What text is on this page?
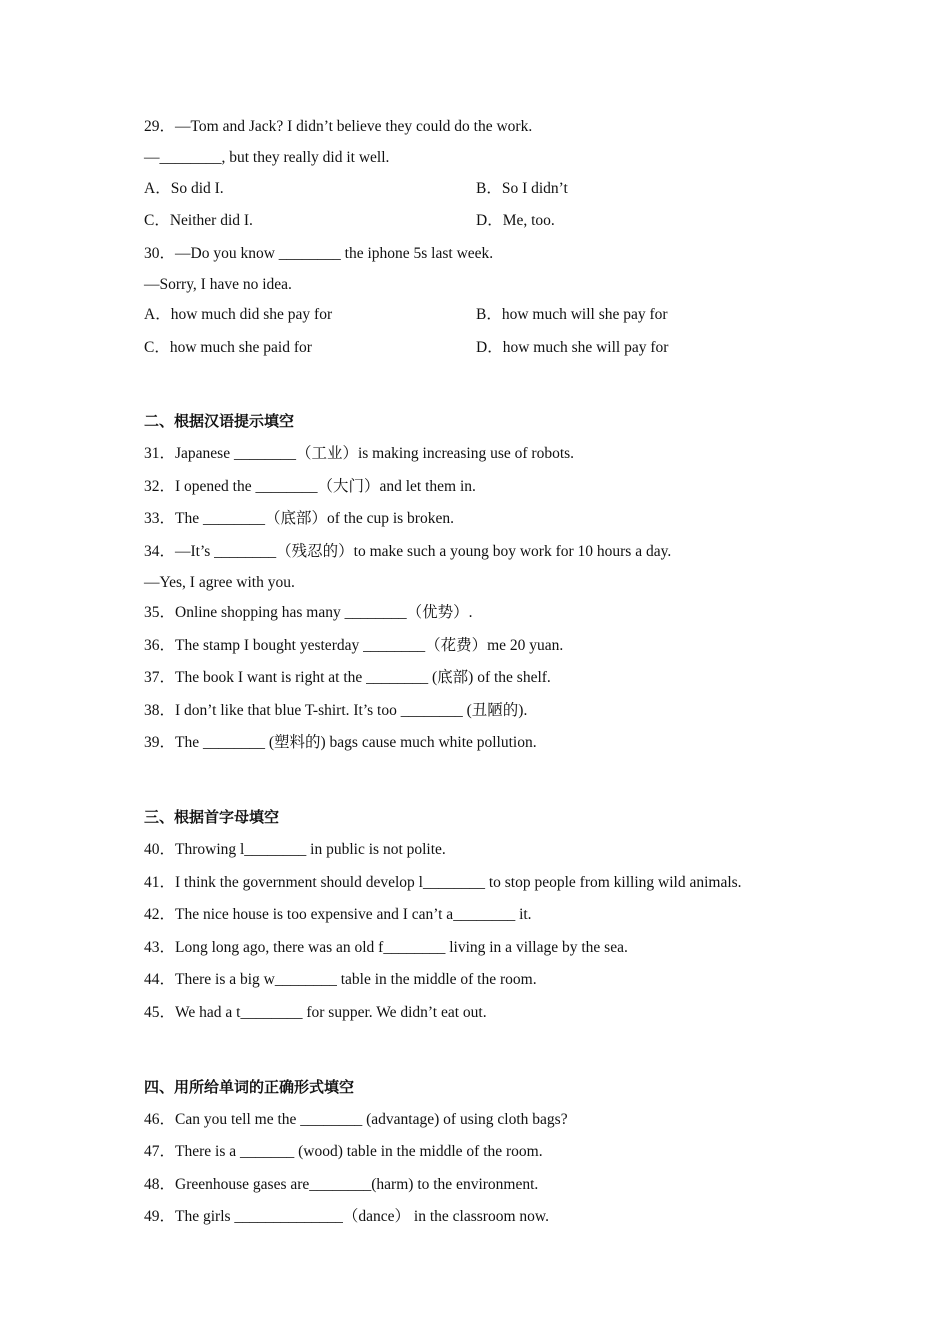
29．—Tom and Jack? I didn’t believe they could do the work.
—________, but they really did it well.
A．So did I.	B．So I didn’t
C．Neither did I.	D．Me, too.
30．—Do you know ________ the iphone 5s last week.
—Sorry, I have no idea.
A．how much did she pay for	B．how much will she pay for
C．how much she paid for	D．how much she will pay for
二、根据汉语提示填空
31．Japanese ________（工业）is making increasing use of robots.
32．I opened the ________（大门）and let them in.
33．The ________（底部）of the cup is broken.
34．—It’s ________（残忍的）to make such a young boy work for 10 hours a day.
—Yes, I agree with you.
35．Online shopping has many ________（优势）.
36．The stamp I bought yesterday ________（花费）me 20 yuan.
37．The book I want is right at the ________ (底部) of the shelf.
38．I don’t like that blue T-shirt. It’s too ________ (丑陋的).
39．The ________ (塑料的) bags cause much white pollution.
三、根据首字母填空
40．Throwing l________ in public is not polite.
41．I think the government should develop l________ to stop people from killing wild animals.
42．The nice house is too expensive and I can’t a________ it.
43．Long long ago, there was an old f________ living in a village by the sea.
44．There is a big w________ table in the middle of the room.
45．We had a t________ for supper. We didn’t eat out.
四、用所给单词的正确形式填空
46．Can you tell me the ________ (advantage) of using cloth bags?
47．There is a _______ (wood) table in the middle of the room.
48．Greenhouse gases are________(harm) to the environment.
49．The girls ______________（dance） in the classroom now.
